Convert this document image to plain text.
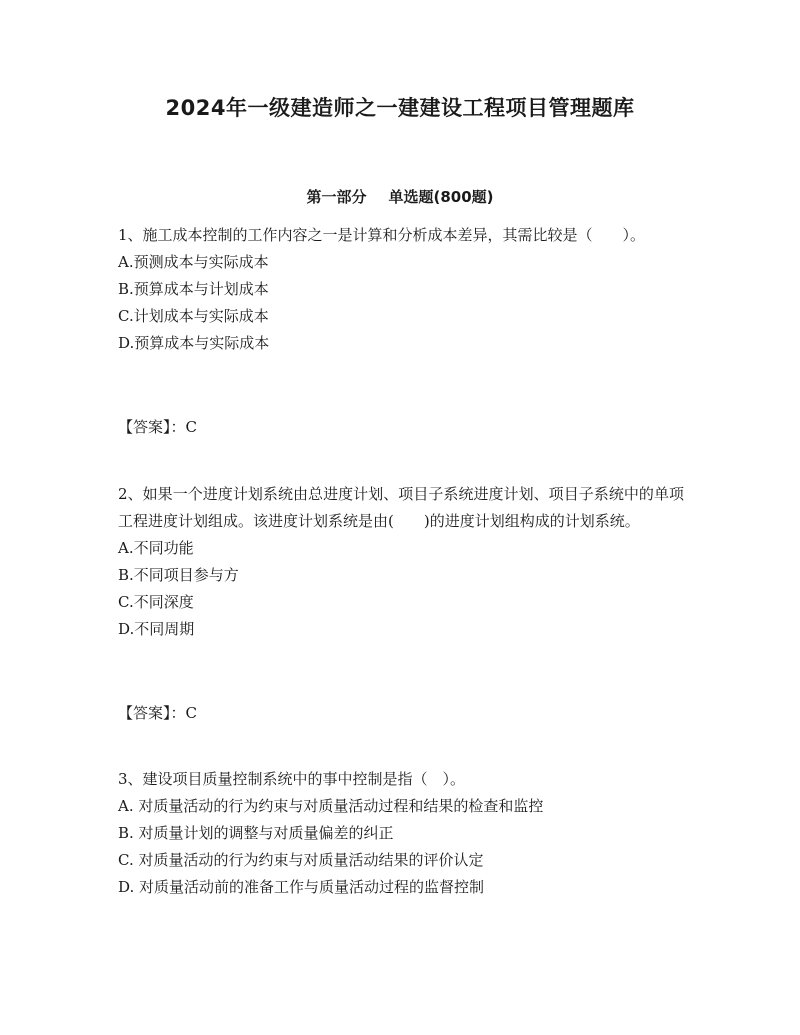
2024年一级建造师之一建建设工程项目管理题库
第一部分 单选题(800题)

1、施工成本控制的工作内容之一是计算和分析成本差异，其需比较是（　　）。

A.预测成本与实际成本

B.预算成本与计划成本

C.计划成本与实际成本

D.预算成本与实际成本

【答案】：C

2、如果一个进度计划系统由总进度计划、项目子系统进度计划、项目子系统中的单项工程进度计划组成。该进度计划系统是由(　　)的进度计划组构成的计划系统。

A.不同功能

B.不同项目参与方

C.不同深度

D.不同周期

【答案】：C

3、建设项目质量控制系统中的事中控制是指（　）。

A. 对质量活动的行为约束与对质量活动过程和结果的检查和监控

B. 对质量计划的调整与对质量偏差的纠正

C. 对质量活动的行为约束与对质量活动结果的评价认定

D. 对质量活动前的准备工作与质量活动过程的监督控制
